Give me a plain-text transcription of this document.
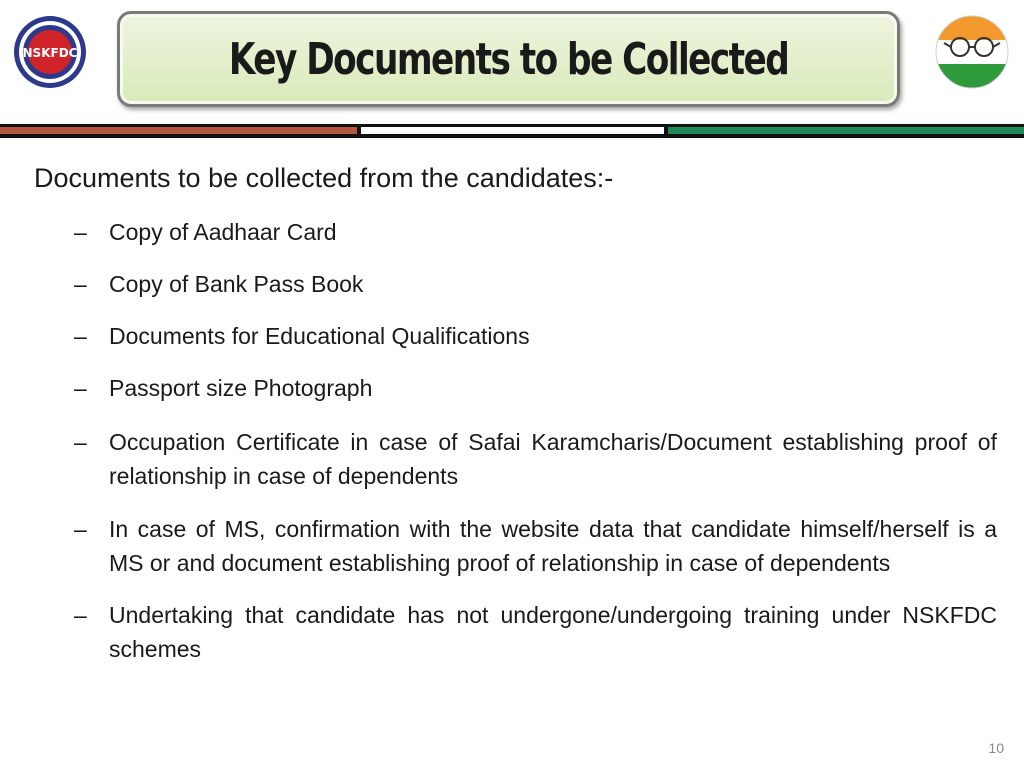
NSKFDC	Key Documents to be Collected
Documents to be collected from the candidates:-
– Copy of Aadhaar Card
– Copy of Bank Pass Book
– Documents for Educational Qualifications
– Passport size Photograph
– Occupation Certificate in case of Safai Karamcharis/Document establishing proof of relationship in case of dependents
– In case of MS, confirmation with the website data that candidate himself/herself is a MS or and document establishing proof of relationship in case of dependents
– Undertaking that candidate has not undergone/undergoing training under NSKFDC schemes
10
